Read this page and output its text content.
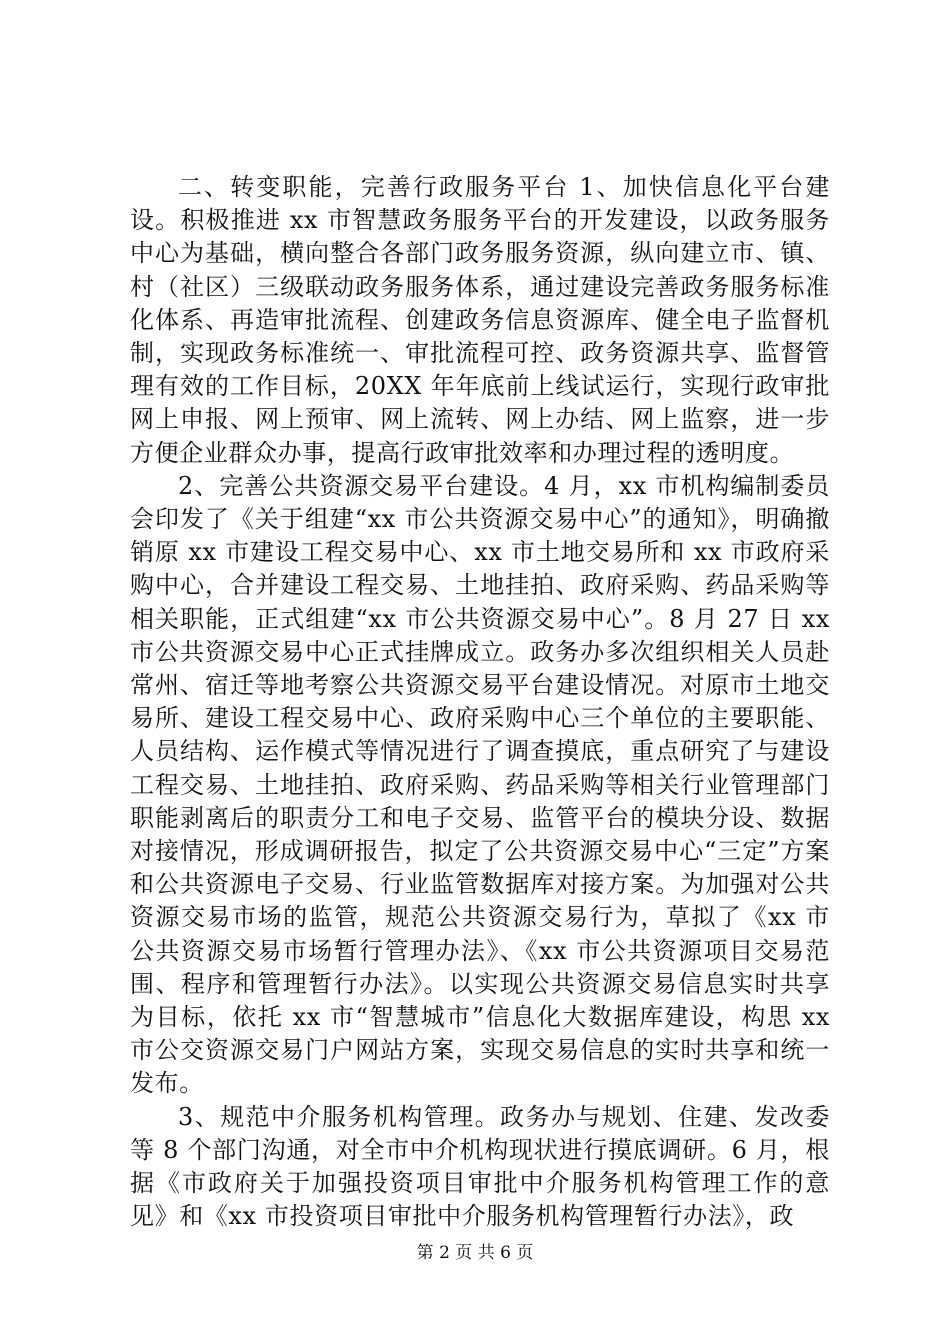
二、转变职能，完善行政服务平台 1、加快信息化平台建设。积极推进 xx 市智慧政务服务平台的开发建设，以政务服务中心为基础，横向整合各部门政务服务资源，纵向建立市、镇、村（社区）三级联动政务服务体系，通过建设完善政务服务标准化体系、再造审批流程、创建政务信息资源库、健全电子监督机制，实现政务标准统一、审批流程可控、政务资源共享、监督管理有效的工作目标，20XX 年年底前上线试运行，实现行政审批网上申报、网上预审、网上流转、网上办结、网上监察，进一步方便企业群众办事，提高行政审批效率和办理过程的透明度。

2、完善公共资源交易平台建设。4 月，xx 市机构编制委员会印发了《关于组建“xx 市公共资源交易中心”的通知》，明确撤销原 xx 市建设工程交易中心、xx 市土地交易所和 xx 市政府采购中心，合并建设工程交易、土地挂拍、政府采购、药品采购等相关职能，正式组建“xx 市公共资源交易中心”。8 月 27 日 xx 市公共资源交易中心正式挂牌成立。政务办多次组织相关人员赴常州、宿迁等地考察公共资源交易平台建设情况。对原市土地交易所、建设工程交易中心、政府采购中心三个单位的主要职能、人员结构、运作模式等情况进行了调查摸底，重点研究了与建设工程交易、土地挂拍、政府采购、药品采购等相关行业管理部门职能剥离后的职责分工和电子交易、监管平台的模块分设、数据对接情况，形成调研报告，拟定了公共资源交易中心“三定”方案和公共资源电子交易、行业监管数据库对接方案。为加强对公共资源交易市场的监管，规范公共资源交易行为，草拟了《xx 市公共资源交易市场暂行管理办法》、《xx 市公共资源项目交易范围、程序和管理暂行办法》。以实现公共资源交易信息实时共享为目标，依托 xx 市“智慧城市”信息化大数据库建设，构思 xx 市公交资源交易门户网站方案，实现交易信息的实时共享和统一发布。

3、规范中介服务机构管理。政务办与规划、住建、发改委等 8 个部门沟通，对全市中介机构现状进行摸底调研。6 月，根据《市政府关于加强投资项目审批中介服务机构管理工作的意见》和《xx 市投资项目审批中介服务机构管理暂行办法》，政

第 2 页 共 6 页
